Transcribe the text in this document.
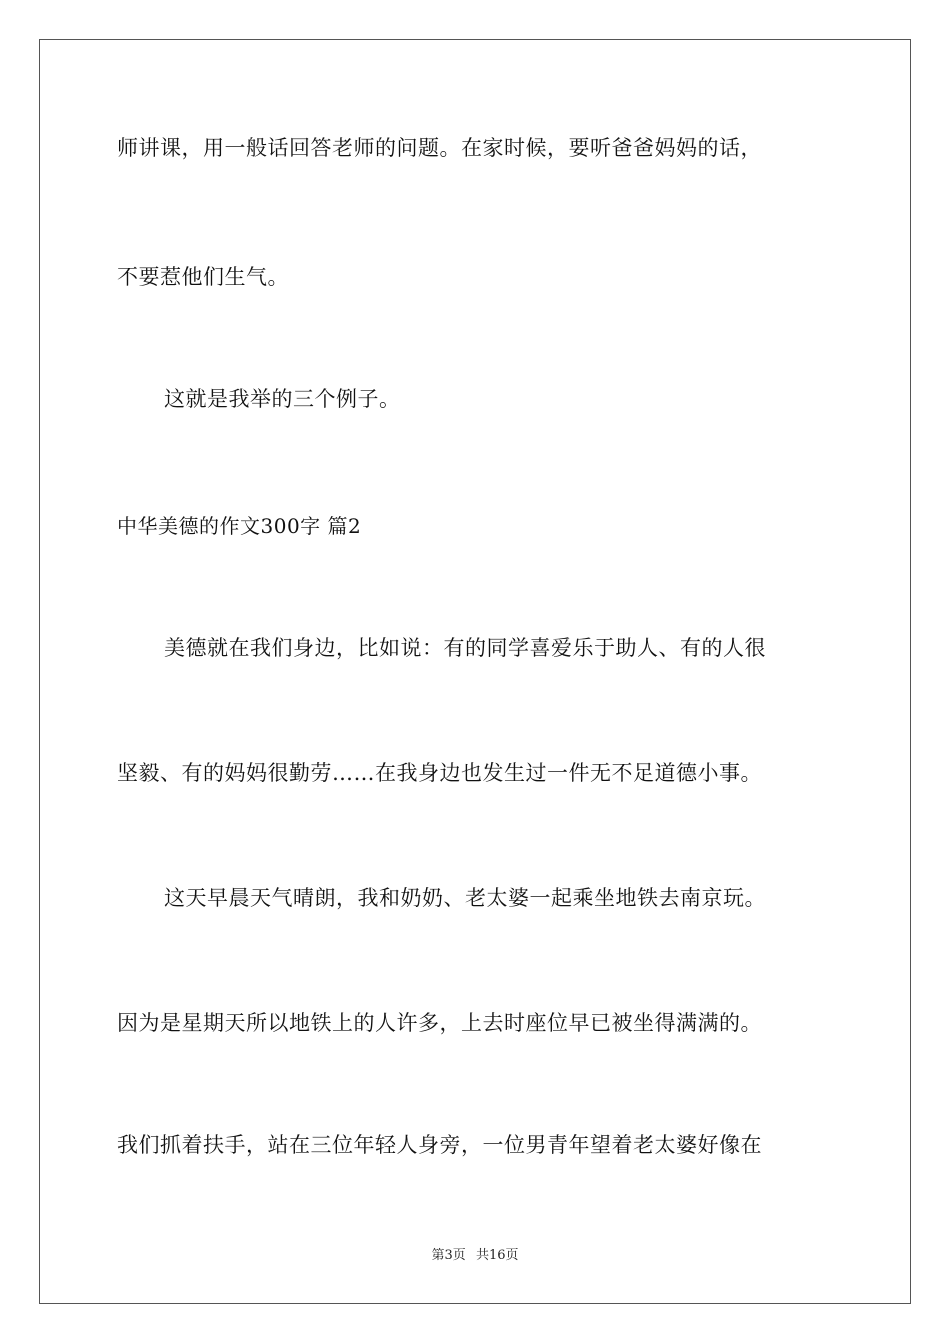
师讲课，用一般话回答老师的问题。在家时候，要听爸爸妈妈的话，
不要惹他们生气。
这就是我举的三个例子。
中华美德的作文300字 篇2
美德就在我们身边，比如说：有的同学喜爱乐于助人、有的人很
坚毅、有的妈妈很勤劳……在我身边也发生过一件无不足道德小事。
这天早晨天气晴朗，我和奶奶、老太婆一起乘坐地铁去南京玩。
因为是星期天所以地铁上的人许多，上去时座位早已被坐得满满的。
我们抓着扶手，站在三位年轻人身旁，一位男青年望着老太婆好像在
第3页 共16页
